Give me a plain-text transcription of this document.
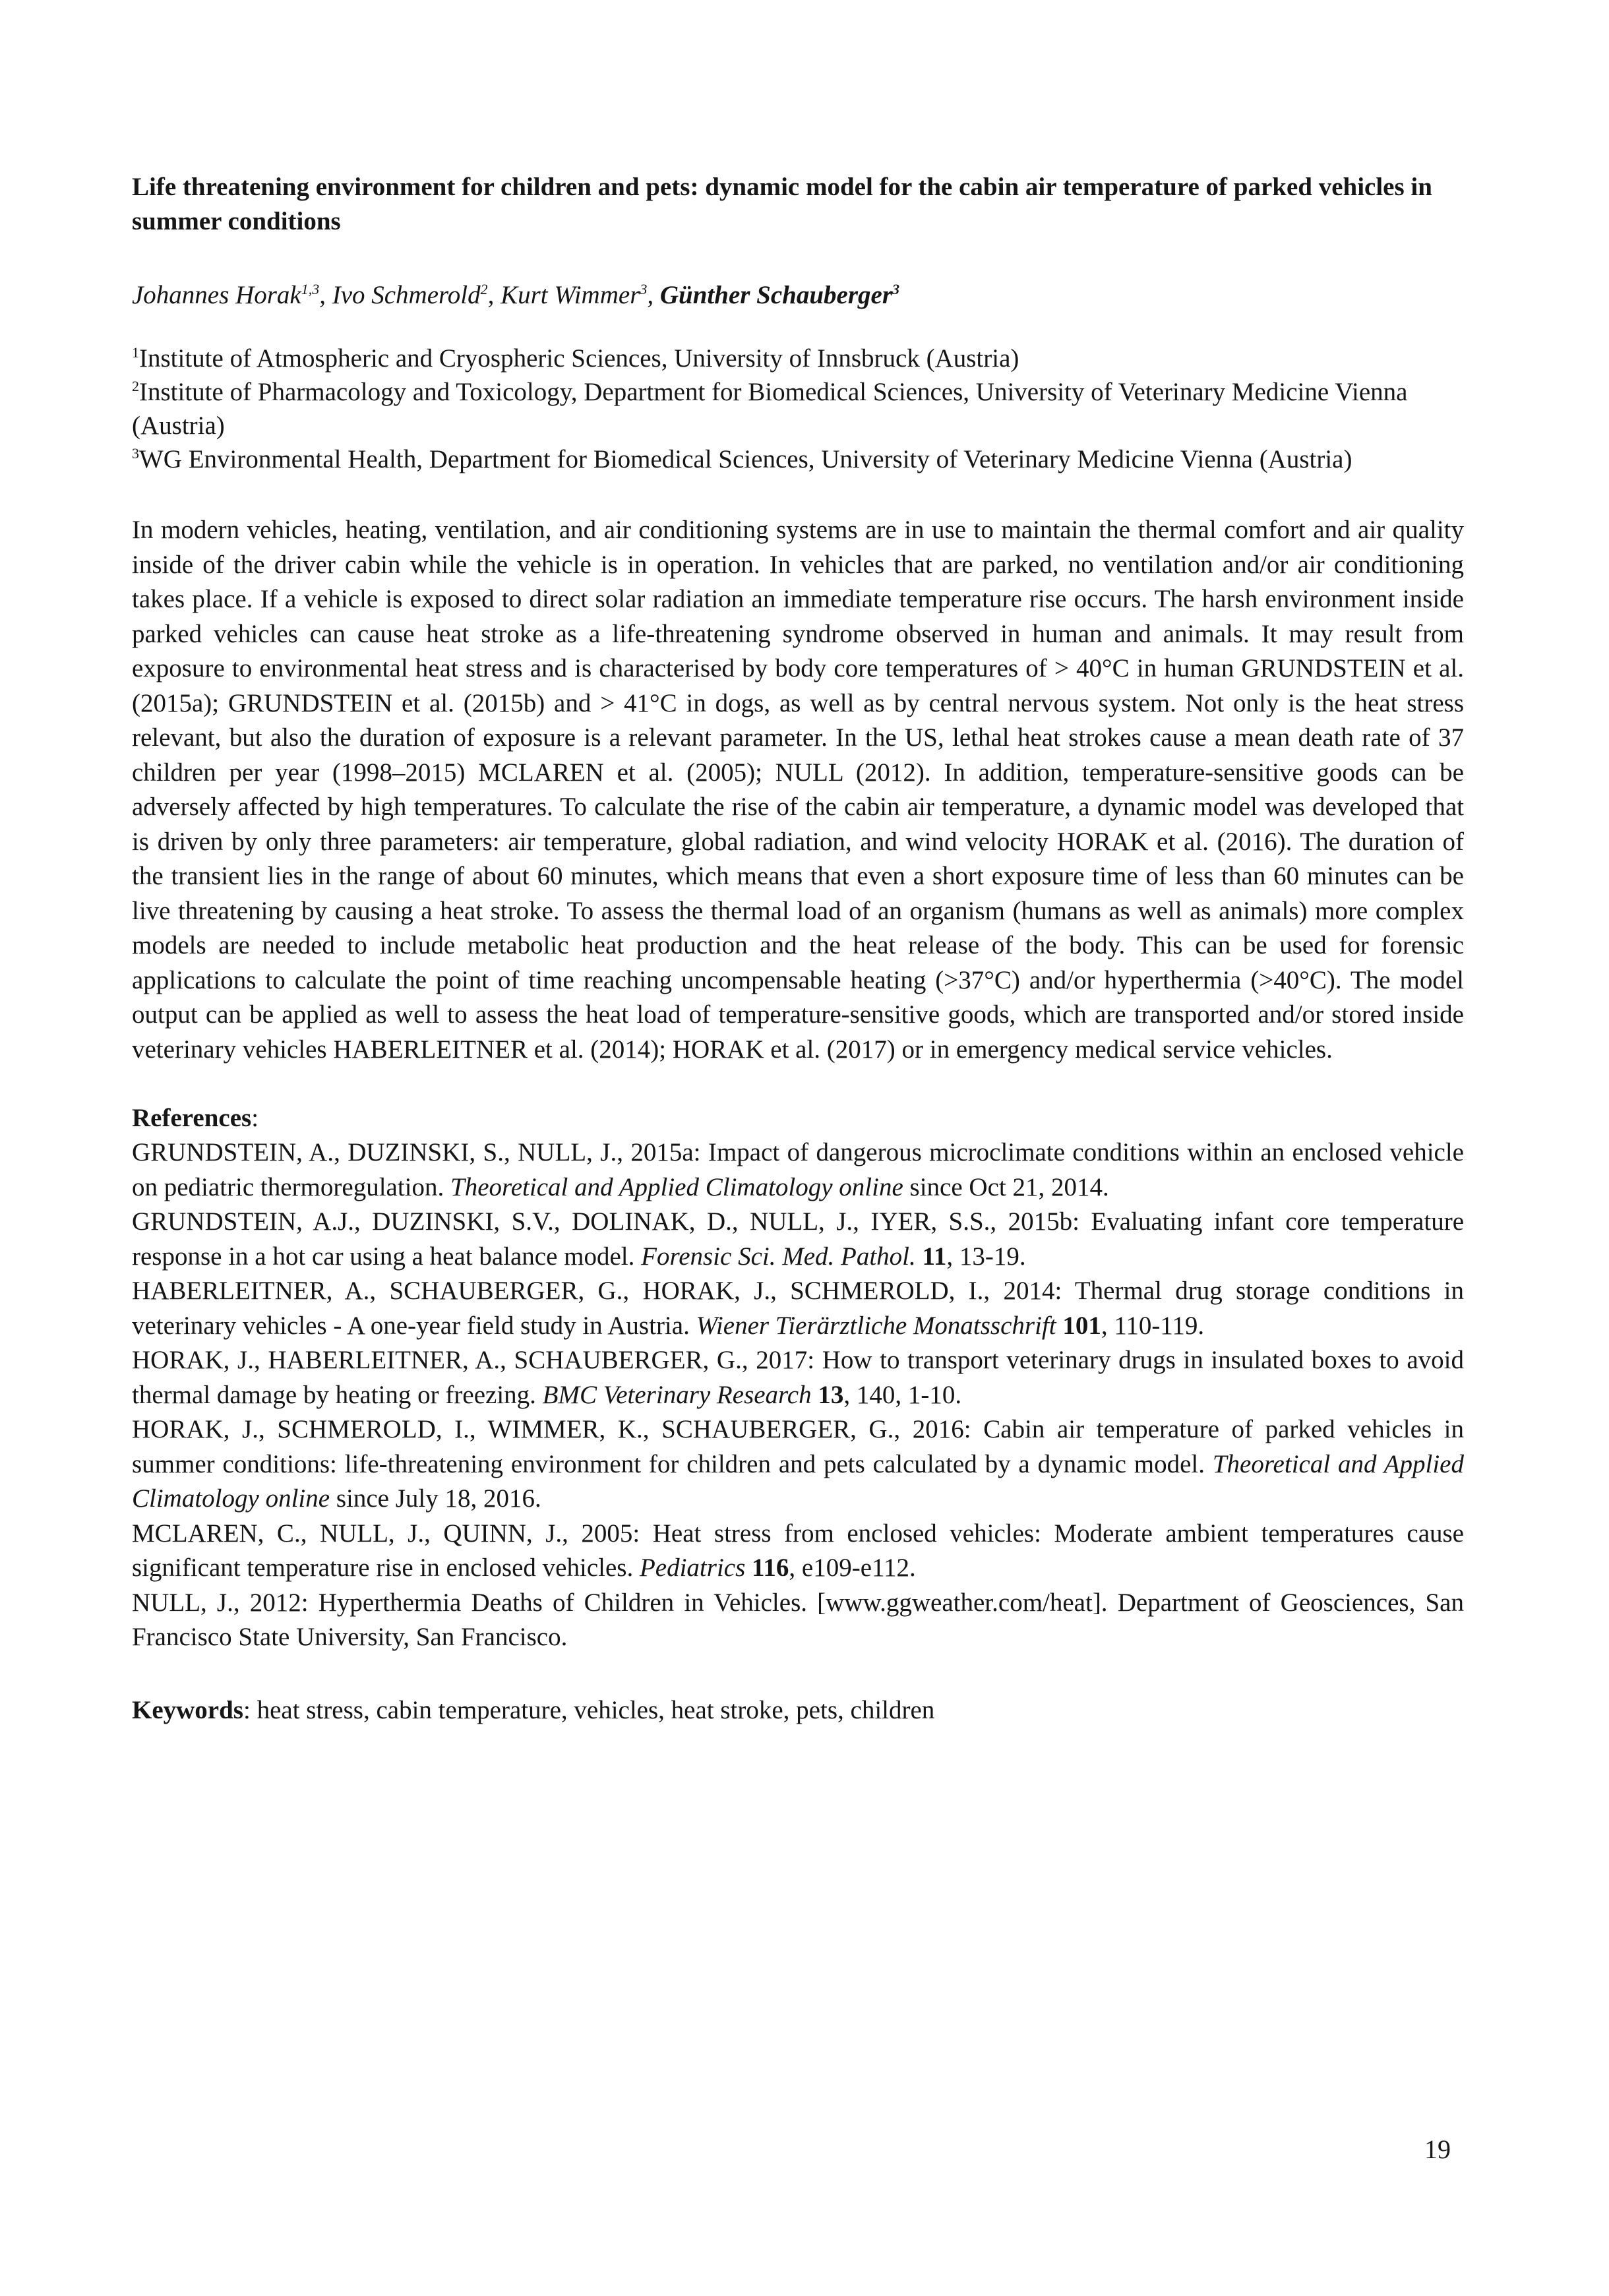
Life threatening environment for children and pets: dynamic model for the cabin air temperature of parked vehicles in summer conditions
Johannes Horak$^{1,3}$, Ivo Schmerold$^2$, Kurt Wimmer$^3$, Günther Schauberger$^3$

$^1$Institute of Atmospheric and Cryospheric Sciences, University of Innsbruck (Austria)

$^2$Institute of Pharmacology and Toxicology, Department for Biomedical Sciences, University of Veterinary Medicine Vienna (Austria)

$^3$WG Environmental Health, Department for Biomedical Sciences, University of Veterinary Medicine Vienna (Austria)

In modern vehicles, heating, ventilation, and air conditioning systems are in use to maintain the thermal comfort and air quality inside of the driver cabin while the vehicle is in operation. In vehicles that are parked, no ventilation and/or air conditioning takes place. If a vehicle is exposed to direct solar radiation an immediate temperature rise occurs. The harsh environment inside parked vehicles can cause heat stroke as a life-threatening syndrome observed in human and animals. It may result from exposure to environmental heat stress and is characterised by body core temperatures of > 40°C in human GRUNDSTEIN et al. (2015a); GRUNDSTEIN et al. (2015b) and > 41°C in dogs, as well as by central nervous system. Not only is the heat stress relevant, but also the duration of exposure is a relevant parameter. In the US, lethal heat strokes cause a mean death rate of 37 children per year (1998–2015) MCLAREN et al. (2005); NULL (2012). In addition, temperature-sensitive goods can be adversely affected by high temperatures. To calculate the rise of the cabin air temperature, a dynamic model was developed that is driven by only three parameters: air temperature, global radiation, and wind velocity HORAK et al. (2016). The duration of the transient lies in the range of about 60 minutes, which means that even a short exposure time of less than 60 minutes can be live threatening by causing a heat stroke. To assess the thermal load of an organism (humans as well as animals) more complex models are needed to include metabolic heat production and the heat release of the body. This can be used for forensic applications to calculate the point of time reaching uncompensable heating (>37°C) and/or hyperthermia (>40°C). The model output can be applied as well to assess the heat load of temperature-sensitive goods, which are transported and/or stored inside veterinary vehicles HABERLEITNER et al. (2014); HORAK et al. (2017) or in emergency medical service vehicles.

References:

GRUNDSTEIN, A., DUZINSKI, S., NULL, J., 2015a: Impact of dangerous microclimate conditions within an enclosed vehicle on pediatric thermoregulation. Theoretical and Applied Climatology online since Oct 21, 2014.

GRUNDSTEIN, A.J., DUZINSKI, S.V., DOLINAK, D., NULL, J., IYER, S.S., 2015b: Evaluating infant core temperature response in a hot car using a heat balance model. Forensic Sci. Med. Pathol. 11, 13-19.

HABERLEITNER, A., SCHAUBERGER, G., HORAK, J., SCHMEROLD, I., 2014: Thermal drug storage conditions in veterinary vehicles - A one-year field study in Austria. Wiener Tierärztliche Monatsschrift 101, 110-119.

HORAK, J., HABERLEITNER, A., SCHAUBERGER, G., 2017: How to transport veterinary drugs in insulated boxes to avoid thermal damage by heating or freezing. BMC Veterinary Research 13, 140, 1-10.

HORAK, J., SCHMEROLD, I., WIMMER, K., SCHAUBERGER, G., 2016: Cabin air temperature of parked vehicles in summer conditions: life-threatening environment for children and pets calculated by a dynamic model. Theoretical and Applied Climatology online since July 18, 2016.

MCLAREN, C., NULL, J., QUINN, J., 2005: Heat stress from enclosed vehicles: Moderate ambient temperatures cause significant temperature rise in enclosed vehicles. Pediatrics 116, e109-e112.

NULL, J., 2012: Hyperthermia Deaths of Children in Vehicles. [www.ggweather.com/heat]. Department of Geosciences, San Francisco State University, San Francisco.

Keywords: heat stress, cabin temperature, vehicles, heat stroke, pets, children

19
